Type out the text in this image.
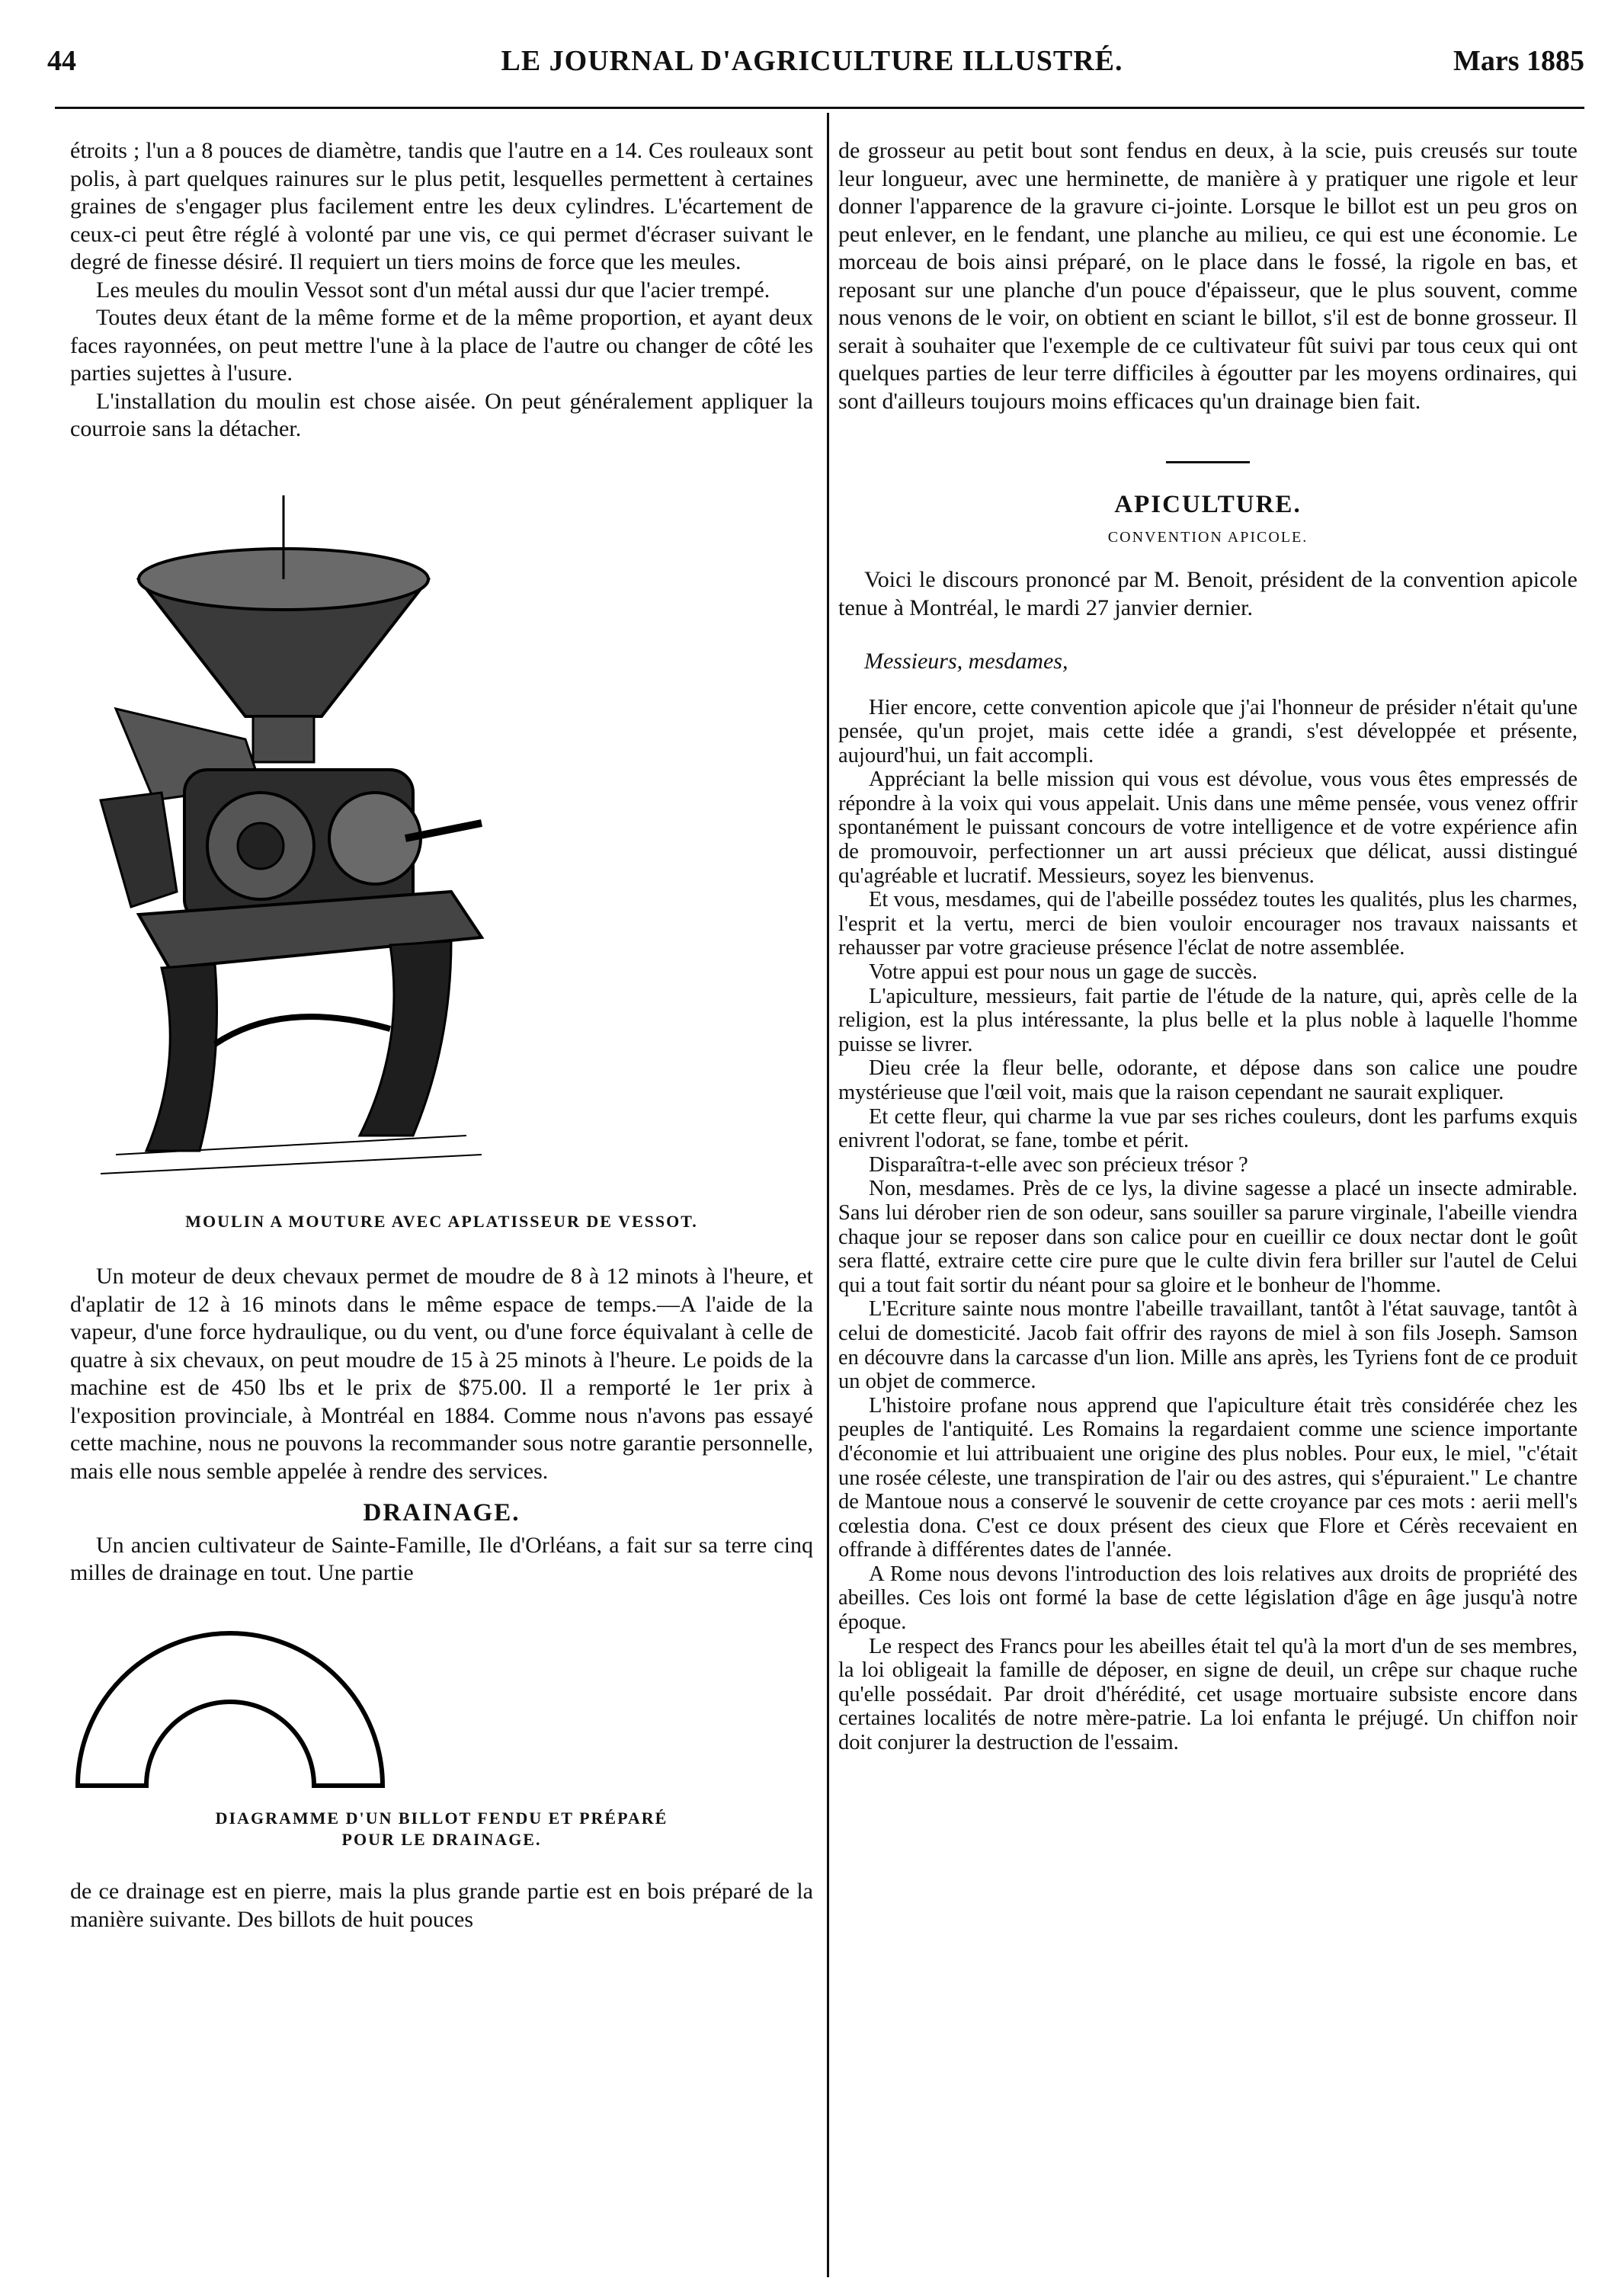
44	LE JOURNAL D'AGRICULTURE ILLUSTRÉ.	Mars 1885

étroits ; l'un a 8 pouces de diamètre, tandis que l'autre en a 14. Ces rouleaux sont polis, à part quelques rainures sur le plus petit, lesquelles permettent à certaines graines de s'engager plus facilement entre les deux cylindres. L'écartement de ceux-ci peut être réglé à volonté par une vis, ce qui permet d'écraser suivant le degré de finesse désiré. Il requiert un tiers moins de force que les meules.

Les meules du moulin Vessot sont d'un métal aussi dur que l'acier trempé.

Toutes deux étant de la même forme et de la même proportion, et ayant deux faces rayonnées, on peut mettre l'une à la place de l'autre ou changer de côté les parties sujettes à l'usure.

L'installation du moulin est chose aisée. On peut généralement appliquer la courroie sans la détacher.

MOULIN A MOUTURE AVEC APLATISSEUR DE VESSOT.

Un moteur de deux chevaux permet de moudre de 8 à 12 minots à l'heure, et d'aplatir de 12 à 16 minots dans le même espace de temps.—A l'aide de la vapeur, d'une force hydraulique, ou du vent, ou d'une force équivalant à celle de quatre à six chevaux, on peut moudre de 15 à 25 minots à l'heure. Le poids de la machine est de 450 lbs et le prix de $75.00. Il a remporté le 1er prix à l'exposition provinciale, à Montréal en 1884. Comme nous n'avons pas essayé cette machine, nous ne pouvons la recommander sous notre garantie personnelle, mais elle nous semble appelée à rendre des services.

DRAINAGE.

Un ancien cultivateur de Sainte-Famille, Ile d'Orléans, a fait sur sa terre cinq milles de drainage en tout. Une partie

DIAGRAMME D'UN BILLOT FENDU ET PRÉPARÉ
POUR LE DRAINAGE.

de ce drainage est en pierre, mais la plus grande partie est en bois préparé de la manière suivante. Des billots de huit pouces

de grosseur au petit bout sont fendus en deux, à la scie, puis creusés sur toute leur longueur, avec une herminette, de manière à y pratiquer une rigole et leur donner l'apparence de la gravure ci-jointe. Lorsque le billot est un peu gros on peut enlever, en le fendant, une planche au milieu, ce qui est une économie. Le morceau de bois ainsi préparé, on le place dans le fossé, la rigole en bas, et reposant sur une planche d'un pouce d'épaisseur, que le plus souvent, comme nous venons de le voir, on obtient en sciant le billot, s'il est de bonne grosseur. Il serait à souhaiter que l'exemple de ce cultivateur fût suivi par tous ceux qui ont quelques parties de leur terre difficiles à égoutter par les moyens ordinaires, qui sont d'ailleurs toujours moins efficaces qu'un drainage bien fait.

APICULTURE.
CONVENTION APICOLE.

Voici le discours prononcé par M. Benoit, président de la convention apicole tenue à Montréal, le mardi 27 janvier dernier.

Messieurs, mesdames,

Hier encore, cette convention apicole que j'ai l'honneur de présider n'était qu'une pensée, qu'un projet, mais cette idée a grandi, s'est développée et présente, aujourd'hui, un fait accompli.

Appréciant la belle mission qui vous est dévolue, vous vous êtes empressés de répondre à la voix qui vous appelait. Unis dans une même pensée, vous venez offrir spontanément le puissant concours de votre intelligence et de votre expérience afin de promouvoir, perfectionner un art aussi précieux que délicat, aussi distingué qu'agréable et lucratif. Messieurs, soyez les bienvenus.

Et vous, mesdames, qui de l'abeille possédez toutes les qualités, plus les charmes, l'esprit et la vertu, merci de bien vouloir encourager nos travaux naissants et rehausser par votre gracieuse présence l'éclat de notre assemblée.

Votre appui est pour nous un gage de succès.

L'apiculture, messieurs, fait partie de l'étude de la nature, qui, après celle de la religion, est la plus intéressante, la plus belle et la plus noble à laquelle l'homme puisse se livrer.

Dieu crée la fleur belle, odorante, et dépose dans son calice une poudre mystérieuse que l'œil voit, mais que la raison cependant ne saurait expliquer.

Et cette fleur, qui charme la vue par ses riches couleurs, dont les parfums exquis enivrent l'odorat, se fane, tombe et périt.

Disparaîtra-t-elle avec son précieux trésor ?

Non, mesdames. Près de ce lys, la divine sagesse a placé un insecte admirable. Sans lui dérober rien de son odeur, sans souiller sa parure virginale, l'abeille viendra chaque jour se reposer dans son calice pour en cueillir ce doux nectar dont le goût sera flatté, extraire cette cire pure que le culte divin fera briller sur l'autel de Celui qui a tout fait sortir du néant pour sa gloire et le bonheur de l'homme.

L'Ecriture sainte nous montre l'abeille travaillant, tantôt à l'état sauvage, tantôt à celui de domesticité. Jacob fait offrir des rayons de miel à son fils Joseph. Samson en découvre dans la carcasse d'un lion. Mille ans après, les Tyriens font de ce produit un objet de commerce.

L'histoire profane nous apprend que l'apiculture était très considérée chez les peuples de l'antiquité. Les Romains la regardaient comme une science importante d'économie et lui attribuaient une origine des plus nobles. Pour eux, le miel, "c'était une rosée céleste, une transpiration de l'air ou des astres, qui s'épuraient." Le chantre de Mantoue nous a conservé le souvenir de cette croyance par ces mots : aerii mell's cœlestia dona. C'est ce doux présent des cieux que Flore et Cérès recevaient en offrande à différentes dates de l'année.

A Rome nous devons l'introduction des lois relatives aux droits de propriété des abeilles. Ces lois ont formé la base de cette législation d'âge en âge jusqu'à notre époque.

Le respect des Francs pour les abeilles était tel qu'à la mort d'un de ses membres, la loi obligeait la famille de déposer, en signe de deuil, un crêpe sur chaque ruche qu'elle possédait. Par droit d'hérédité, cet usage mortuaire subsiste encore dans certaines localités de notre mère-patrie. La loi enfanta le préjugé. Un chiffon noir doit conjurer la destruction de l'essaim.
